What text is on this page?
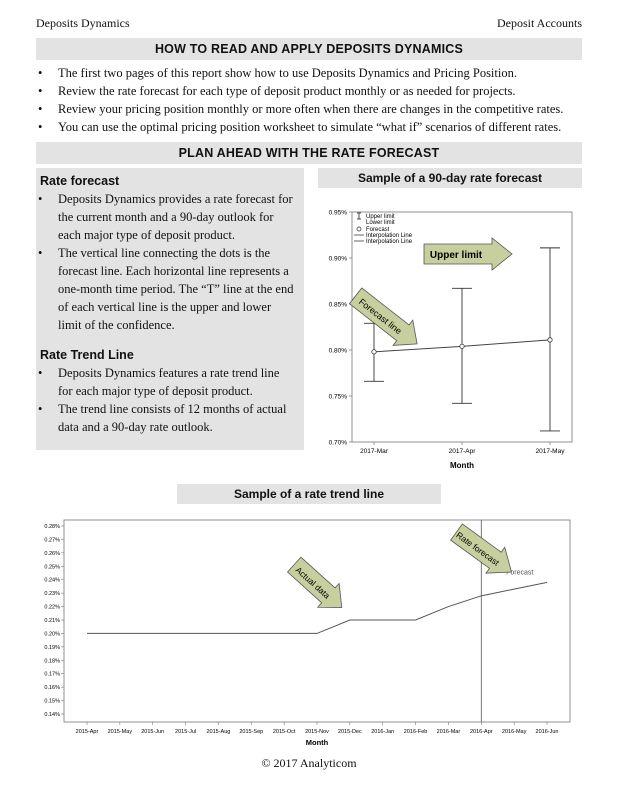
Deposits Dynamics	Deposit Accounts
HOW TO READ AND APPLY DEPOSITS DYNAMICS
• The first two pages of this report show how to use Deposits Dynamics and Pricing Position.
• Review the rate forecast for each type of deposit product monthly or as needed for projects.
• Review your pricing position monthly or more often when there are changes in the competitive rates.
• You can use the optimal pricing position worksheet to simulate “what if” scenarios of different rates.
PLAN AHEAD WITH THE RATE FORECAST
Rate forecast
• Deposits Dynamics provides a rate forecast for the current month and a 90-day outlook for each major type of deposit product.
• The vertical line connecting the dots is the forecast line. Each horizontal line represents a one-month time period. The “T” line at the end of each vertical line is the upper and lower limit of the confidence.
Rate Trend Line
• Deposits Dynamics features a rate trend line for each major type of deposit product.
• The trend line consists of 12 months of actual data and a 90-day rate outlook.
Sample of a 90-day rate forecast
0.95%
0.90%
0.85%
0.80%
0.75%
0.70%
2017-Mar	2017-Apr	2017-May
Upper limit
Lower limit
Forecast
Interpolation Line
Interpolation Line
Upper limit
Forecast line
Month
Sample of a rate trend line
0.28%
0.27%
0.26%
0.25%
0.24%
0.23%
0.22%
0.21%
0.20%
0.19%
0.18%
0.17%
0.16%
0.15%
0.14%
2015-Apr 2015-May 2015-Jun 2015-Jul 2015-Aug 2015-Sep 2015-Oct 2015-Nov 2015-Dec 2016-Jan 2016-Feb 2016-Mar 2016-Apr 2016-May 2016-Jun
Forecast
Actual data
Rate forecast
Month
© 2017 Analyticom
